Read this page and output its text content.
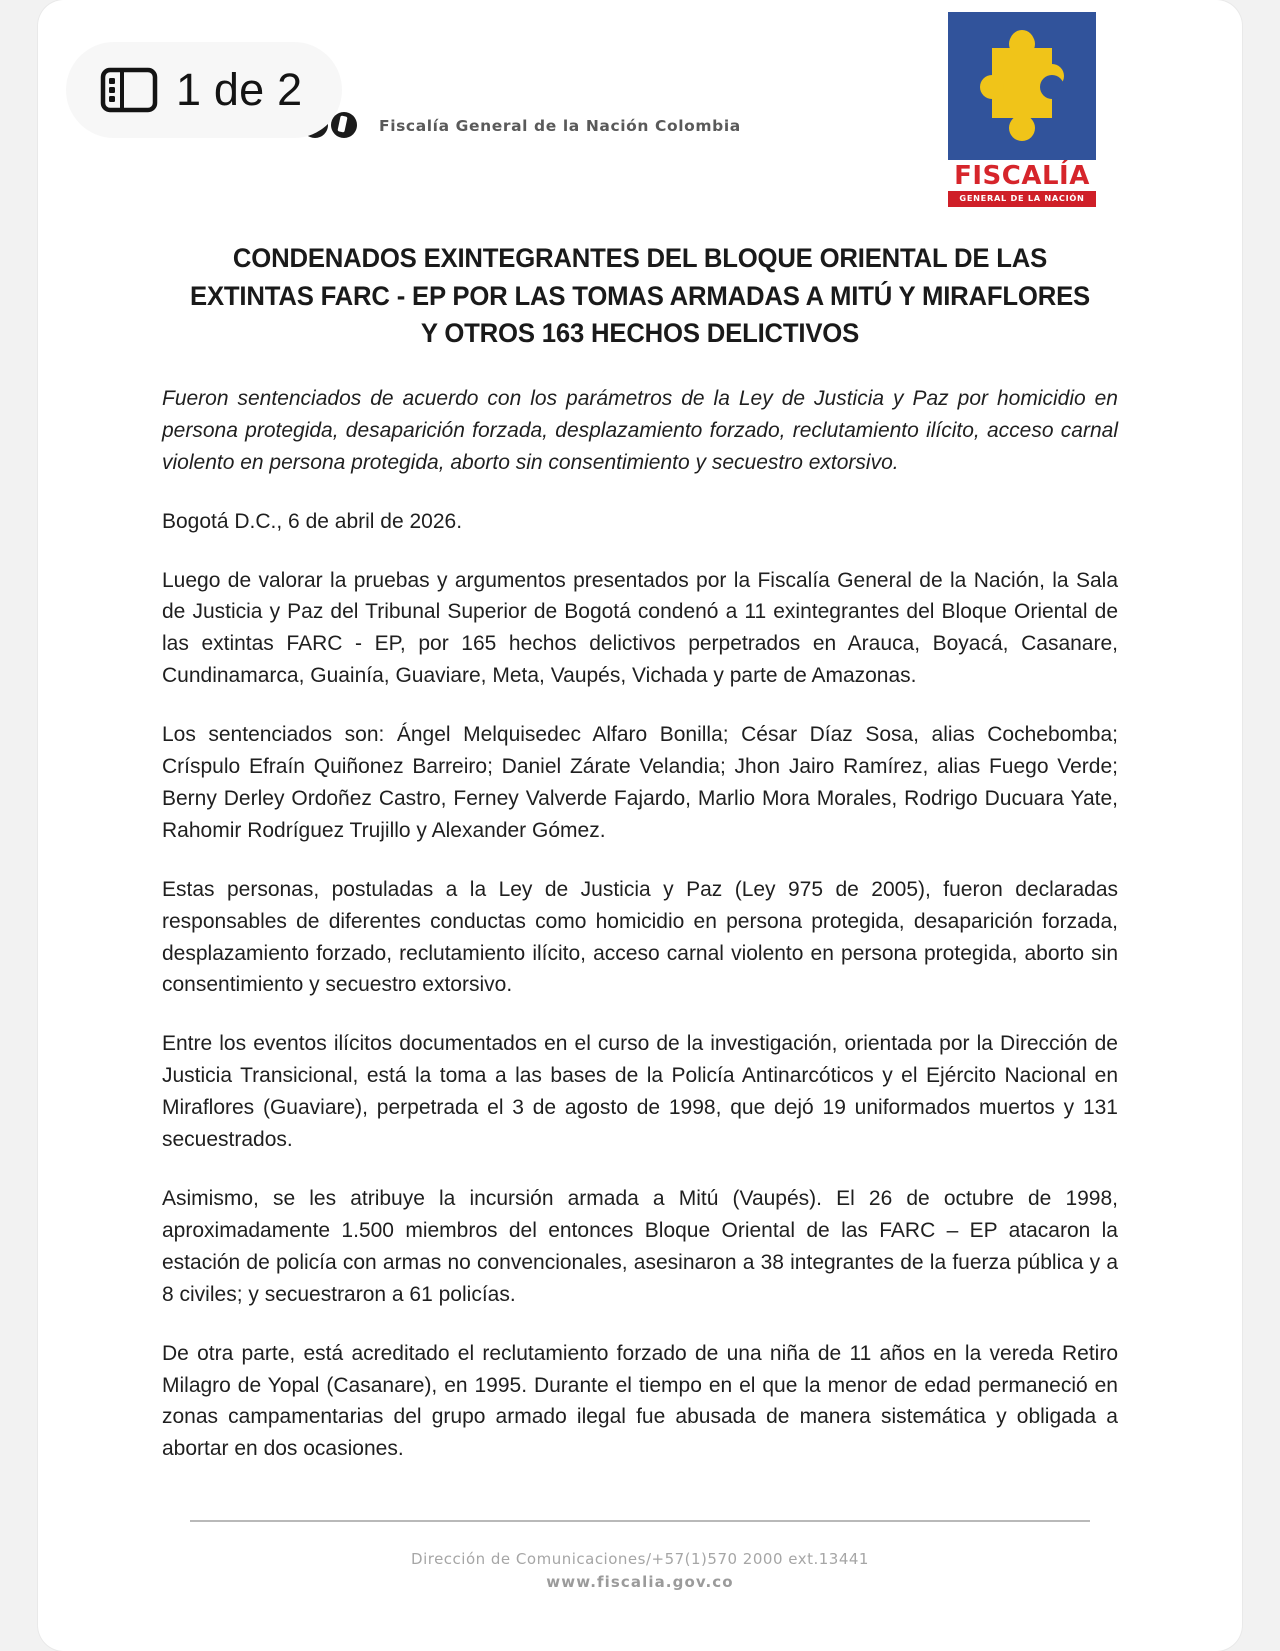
Fiscalía General de la Nación Colombia
FISCALÍA
GENERAL DE LA NACIÓN
CONDENADOS EXINTEGRANTES DEL BLOQUE ORIENTAL DE LAS EXTINTAS FARC - EP POR LAS TOMAS ARMADAS A MITÚ Y MIRAFLORES Y OTROS 163 HECHOS DELICTIVOS

Fueron sentenciados de acuerdo con los parámetros de la Ley de Justicia y Paz por homicidio en persona protegida, desaparición forzada, desplazamiento forzado, reclutamiento ilícito, acceso carnal violento en persona protegida, aborto sin consentimiento y secuestro extorsivo.

Bogotá D.C., 6 de abril de 2026.

Luego de valorar la pruebas y argumentos presentados por la Fiscalía General de la Nación, la Sala de Justicia y Paz del Tribunal Superior de Bogotá condenó a 11 exintegrantes del Bloque Oriental de las extintas FARC - EP, por 165 hechos delictivos perpetrados en Arauca, Boyacá, Casanare, Cundinamarca, Guainía, Guaviare, Meta, Vaupés, Vichada y parte de Amazonas.

Los sentenciados son: Ángel Melquisedec Alfaro Bonilla; César Díaz Sosa, alias Cochebomba; Críspulo Efraín Quiñonez Barreiro; Daniel Zárate Velandia; Jhon Jairo Ramírez, alias Fuego Verde; Berny Derley Ordoñez Castro, Ferney Valverde Fajardo, Marlio Mora Morales, Rodrigo Ducuara Yate, Rahomir Rodríguez Trujillo y Alexander Gómez.

Estas personas, postuladas a la Ley de Justicia y Paz (Ley 975 de 2005), fueron declaradas responsables de diferentes conductas como homicidio en persona protegida, desaparición forzada, desplazamiento forzado, reclutamiento ilícito, acceso carnal violento en persona protegida, aborto sin consentimiento y secuestro extorsivo.

Entre los eventos ilícitos documentados en el curso de la investigación, orientada por la Dirección de Justicia Transicional, está la toma a las bases de la Policía Antinarcóticos y el Ejército Nacional en Miraflores (Guaviare), perpetrada el 3 de agosto de 1998, que dejó 19 uniformados muertos y 131 secuestrados.

Asimismo, se les atribuye la incursión armada a Mitú (Vaupés). El 26 de octubre de 1998, aproximadamente 1.500 miembros del entonces Bloque Oriental de las FARC – EP atacaron la estación de policía con armas no convencionales, asesinaron a 38 integrantes de la fuerza pública y a 8 civiles; y secuestraron a 61 policías.

De otra parte, está acreditado el reclutamiento forzado de una niña de 11 años en la vereda Retiro Milagro de Yopal (Casanare), en 1995. Durante el tiempo en el que la menor de edad permaneció en zonas campamentarias del grupo armado ilegal fue abusada de manera sistemática y obligada a abortar en dos ocasiones.

Dirección de Comunicaciones/+57(1)570 2000 ext.13441
www.fiscalia.gov.co
1 de 2
